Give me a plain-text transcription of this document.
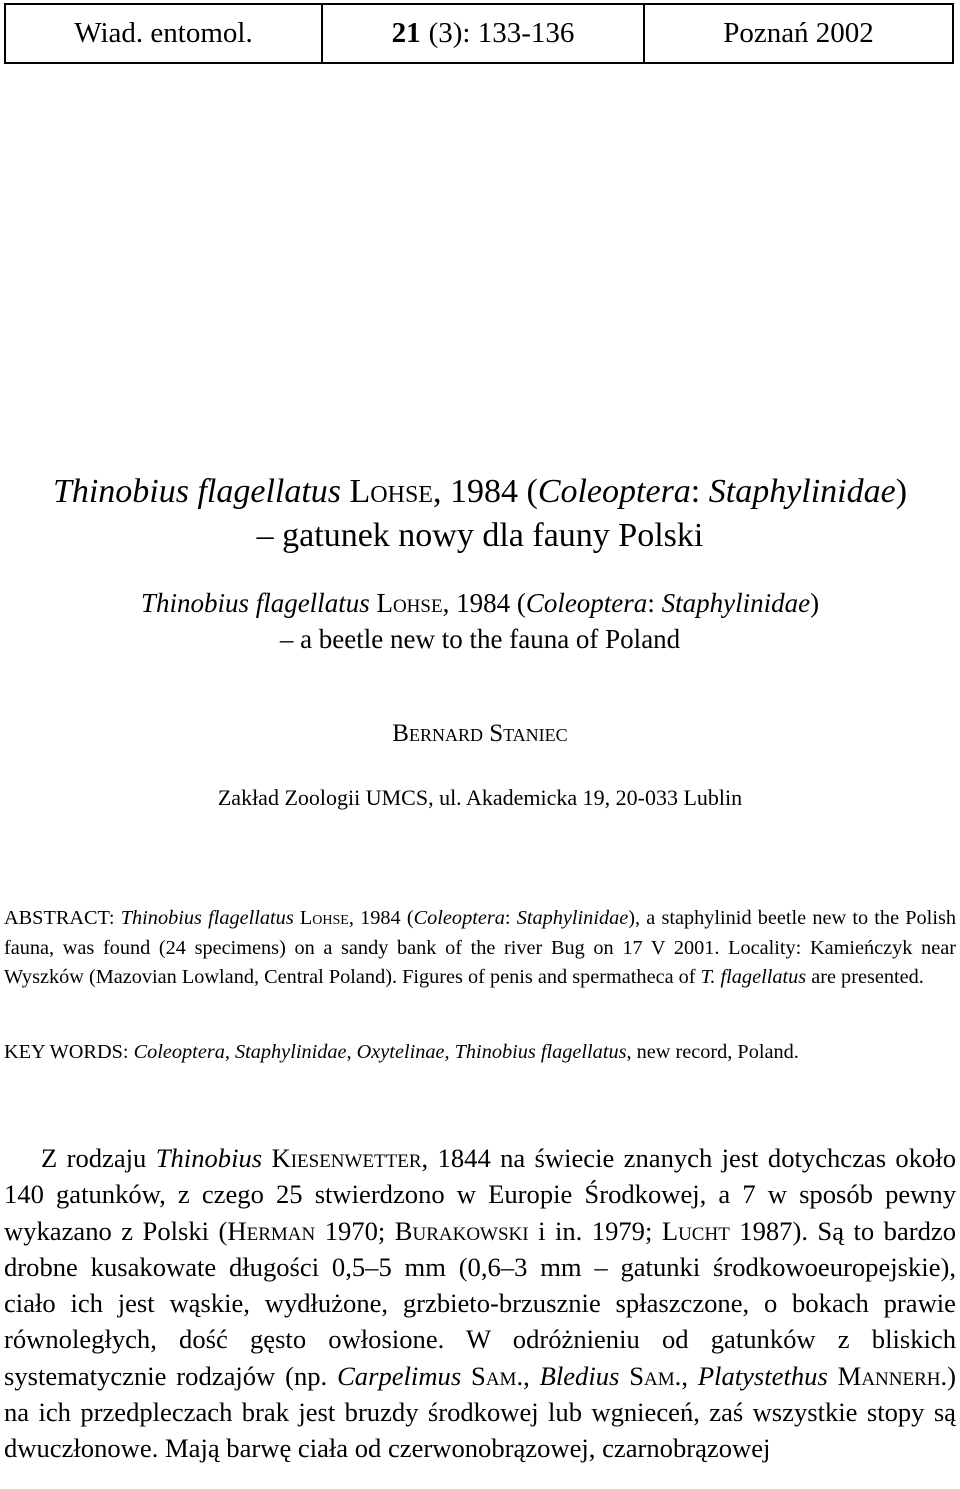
Wiad. entomol.	21 (3): 133-136	Poznań 2002
Thinobius flagellatus Lohse, 1984 (Coleoptera: Staphylinidae)
– gatunek nowy dla fauny Polski
Thinobius flagellatus Lohse, 1984 (Coleoptera: Staphylinidae)
– a beetle new to the fauna of Poland
Bernard Staniec
Zakład Zoologii UMCS, ul. Akademicka 19, 20-033 Lublin
ABSTRACT: Thinobius flagellatus Lohse, 1984 (Coleoptera: Staphylinidae), a staphylinid beetle new to the Polish fauna, was found (24 specimens) on a sandy bank of the river Bug on 17 V 2001. Locality: Kamieńczyk near Wyszków (Mazovian Lowland, Central Poland). Figures of penis and spermatheca of T. flagellatus are presented.
KEY WORDS: Coleoptera, Staphylinidae, Oxytelinae, Thinobius flagellatus, new record, Poland.

Z rodzaju Thinobius Kiesenwetter, 1844 na świecie znanych jest dotychczas około 140 gatunków, z czego 25 stwierdzono w Europie Środkowej, a 7 w sposób pewny wykazano z Polski (Herman 1970; Burakowski i in. 1979; Lucht 1987). Są to bardzo drobne kusakowate długości 0,5–5 mm (0,6–3 mm – gatunki środkowoeuropejskie), ciało ich jest wąskie, wydłużone, grzbieto-brzusznie spłaszczone, o bokach prawie równoległych, dość gęsto owłosione. W odróżnieniu od gatunków z bliskich systematycznie rodzajów (np. Carpelimus Sam., Bledius Sam., Platystethus Mannerh.) na ich przedpleczach brak jest bruzdy środkowej lub wgnieceń, zaś wszystkie stopy są dwuczłonowe. Mają barwę ciała od czerwonobrązowej, czarnobrązowej
